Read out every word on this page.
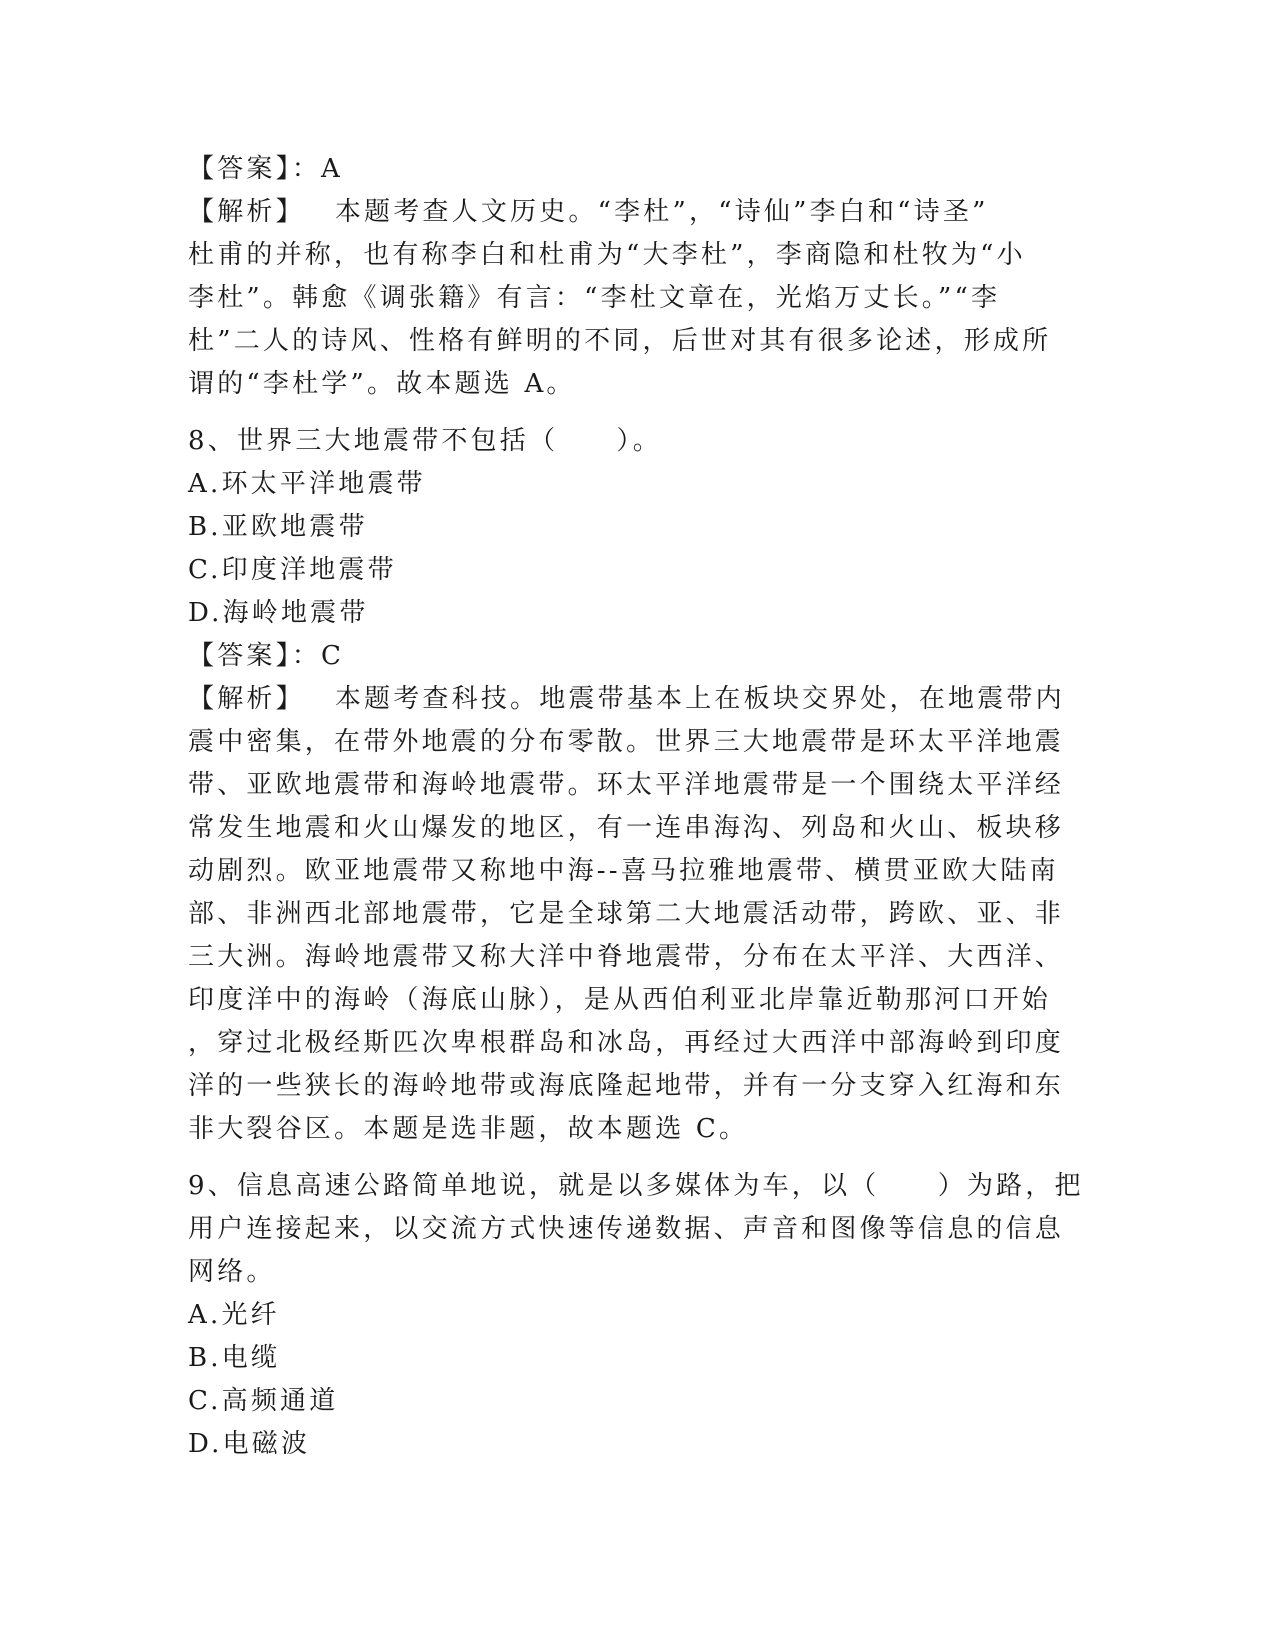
【答案】：A
【解析】 本题考查人文历史。“李杜”，“诗仙”李白和“诗圣”
杜甫的并称，也有称李白和杜甫为“大李杜”，李商隐和杜牧为“小
李杜”。韩愈《调张籍》有言：“李杜文章在，光焰万丈长。”“李
杜”二人的诗风、性格有鲜明的不同，后世对其有很多论述，形成所
谓的“李杜学”。故本题选 A。
8、世界三大地震带不包括（　　）。
A.环太平洋地震带
B.亚欧地震带
C.印度洋地震带
D.海岭地震带
【答案】：C
【解析】 本题考查科技。地震带基本上在板块交界处，在地震带内
震中密集，在带外地震的分布零散。世界三大地震带是环太平洋地震
带、亚欧地震带和海岭地震带。环太平洋地震带是一个围绕太平洋经
常发生地震和火山爆发的地区，有一连串海沟、列岛和火山、板块移
动剧烈。欧亚地震带又称地中海--喜马拉雅地震带、横贯亚欧大陆南
部、非洲西北部地震带，它是全球第二大地震活动带，跨欧、亚、非
三大洲。海岭地震带又称大洋中脊地震带，分布在太平洋、大西洋、
印度洋中的海岭（海底山脉），是从西伯利亚北岸靠近勒那河口开始
，穿过北极经斯匹次卑根群岛和冰岛，再经过大西洋中部海岭到印度
洋的一些狭长的海岭地带或海底隆起地带，并有一分支穿入红海和东
非大裂谷区。本题是选非题，故本题选 C。
9、信息高速公路简单地说，就是以多媒体为车，以（　　）为路，把
用户连接起来，以交流方式快速传递数据、声音和图像等信息的信息
网络。
A.光纤
B.电缆
C.高频通道
D.电磁波
